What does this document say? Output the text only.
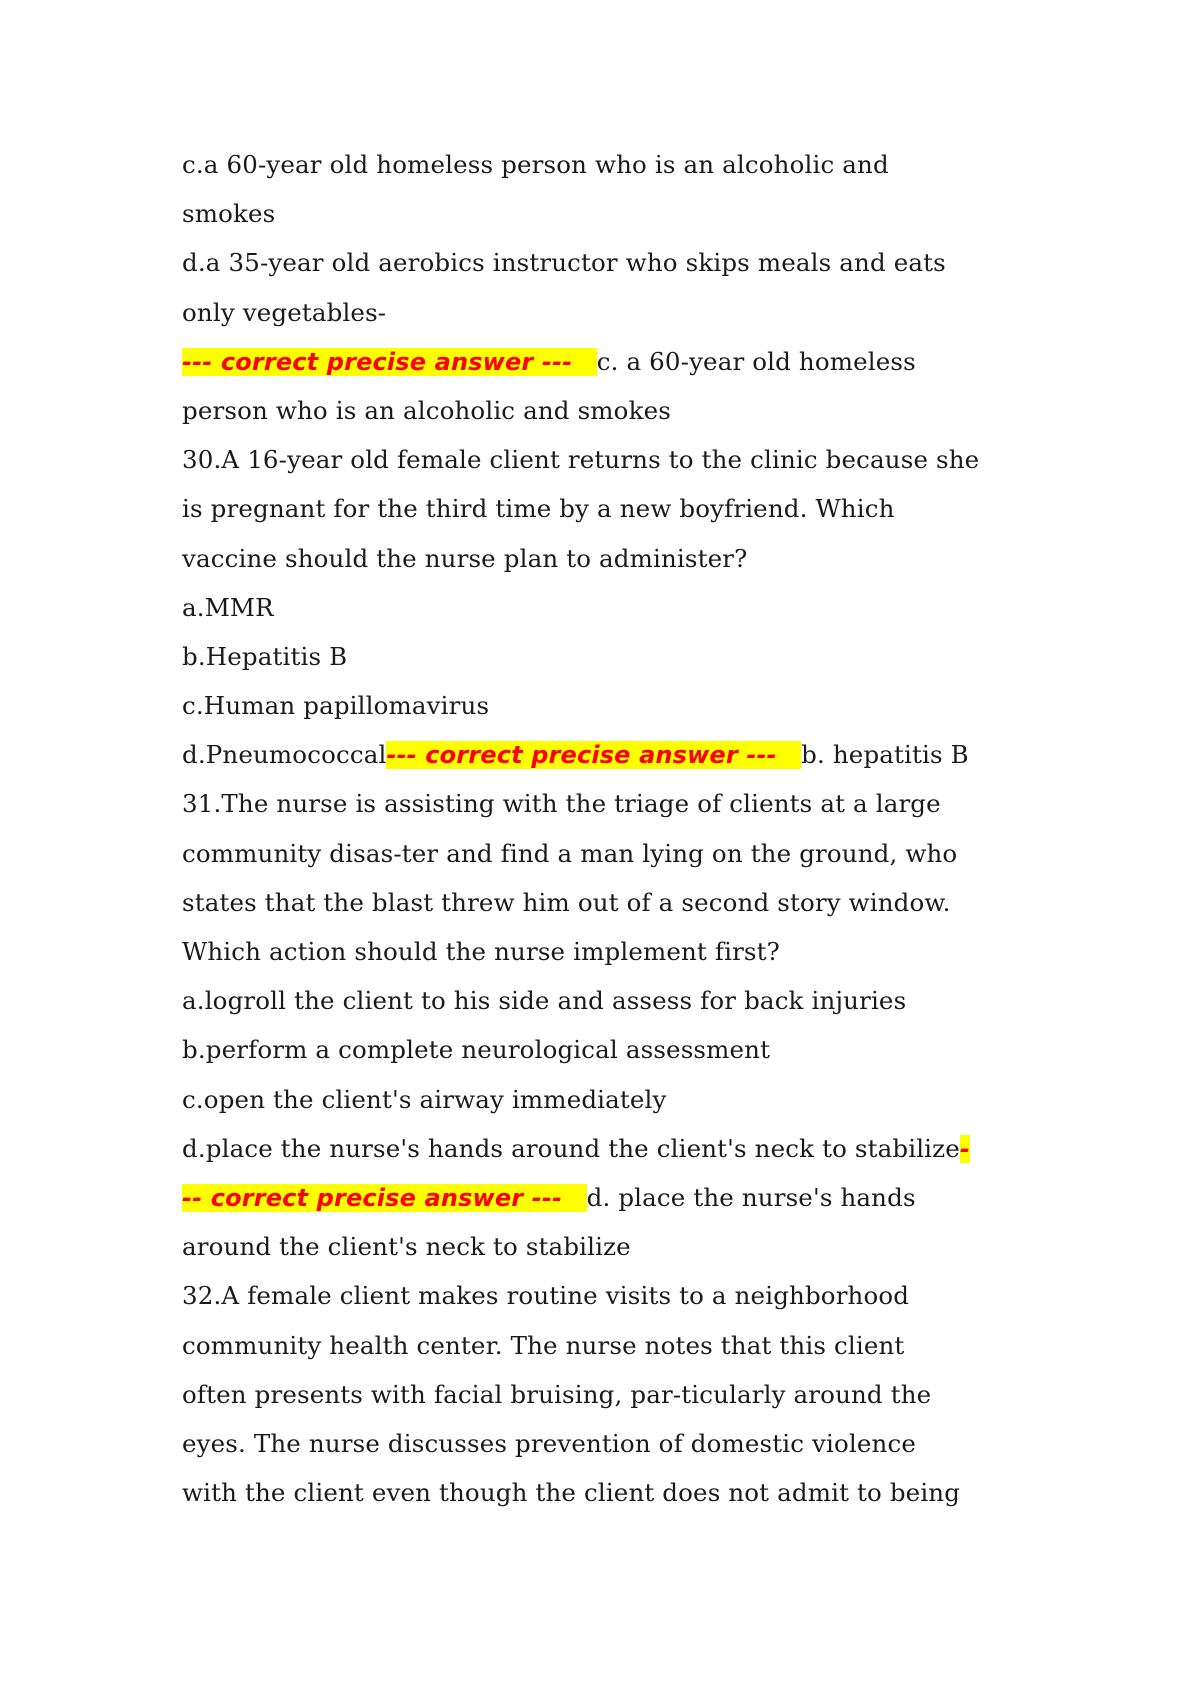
c.a 60-year old homeless person who is an alcoholic and
smokes
d.a 35-year old aerobics instructor who skips meals and eats
only vegetables-
--- correct precise answer --- c. a 60-year old homeless
person who is an alcoholic and smokes
30.A 16-year old female client returns to the clinic because she
is pregnant for the third time by a new boyfriend. Which
vaccine should the nurse plan to administer?
a.MMR
b.Hepatitis B
c.Human papillomavirus
d.Pneumococcal--- correct precise answer --- b. hepatitis B
31.The nurse is assisting with the triage of clients at a large
community disas-ter and find a man lying on the ground, who
states that the blast threw him out of a second story window.
Which action should the nurse implement first?
a.logroll the client to his side and assess for back injuries
b.perform a complete neurological assessment
c.open the client's airway immediately
d.place the nurse's hands around the client's neck to stabilize-
-- correct precise answer --- d. place the nurse's hands
around the client's neck to stabilize
32.A female client makes routine visits to a neighborhood
community health center. The nurse notes that this client
often presents with facial bruising, par-ticularly around the
eyes. The nurse discusses prevention of domestic violence
with the client even though the client does not admit to being
